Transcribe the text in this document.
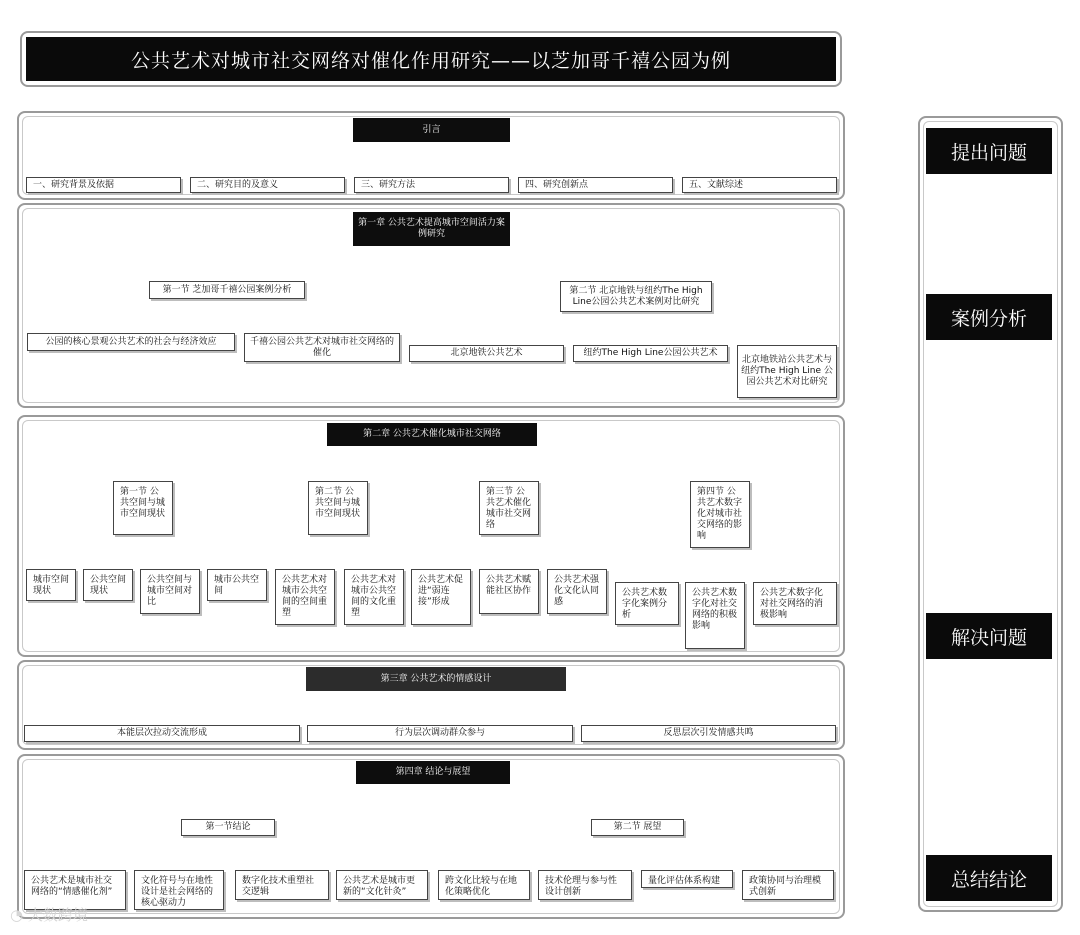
公共艺术对城市社交网络对催化作用研究——以芝加哥千禧公园为例
提出问题
案例分析
解决问题
总结结论
引言
一、研究背景及依据	二、研究目的及意义	三、研究方法	四、研究创新点	五、文献综述
第一章 公共艺术提高城市空间活力案例研究
第一节 芝加哥千禧公园案例分析	第二节 北京地铁与纽约The High Line公园公共艺术案例对比研究
公园的核心景观公共艺术的社会与经济效应	千禧公园公共艺术对城市社交网络的催化	北京地铁公共艺术	纽约The High Line公园公共艺术
北京地铁站公共艺术与纽约The High Line 公园公共艺术对比研究
第二章 公共艺术催化城市社交网络
第一节 公共空间与城市空间现状
第二节 公共空间与城市空间现状
第三节 公共艺术催化城市社交网络
第四节 公共艺术数字化对城市社交网络的影响
城市空间现状
公共空间现状
公共空间与城市空间对比
城市公共空间
公共艺术对城市公共空间的空间重塑
公共艺术对城市公共空间的文化重塑
公共艺术促进“弱连接”形成
公共艺术赋能社区协作
公共艺术强化文化认同感
公共艺术数字化案例分析
公共艺术数字化对社交网络的积极影响
公共艺术数字化对社交网络的消极影响
第三章 公共艺术的情感设计
本能层次拉动交流形成	行为层次调动群众参与	反思层次引发情感共鸣
第四章 结论与展望
第一节结论	第二节 展望
公共艺术是城市社交网络的“情感催化剂”
文化符号与在地性设计是社会网络的核心驱动力
数字化技术重塑社交逻辑
公共艺术是城市更新的“文化针灸”
跨文化比较与在地化策略优化
技术伦理与参与性设计创新
量化评估体系构建	政策协同与治理模式创新
◔ 大数跨境
